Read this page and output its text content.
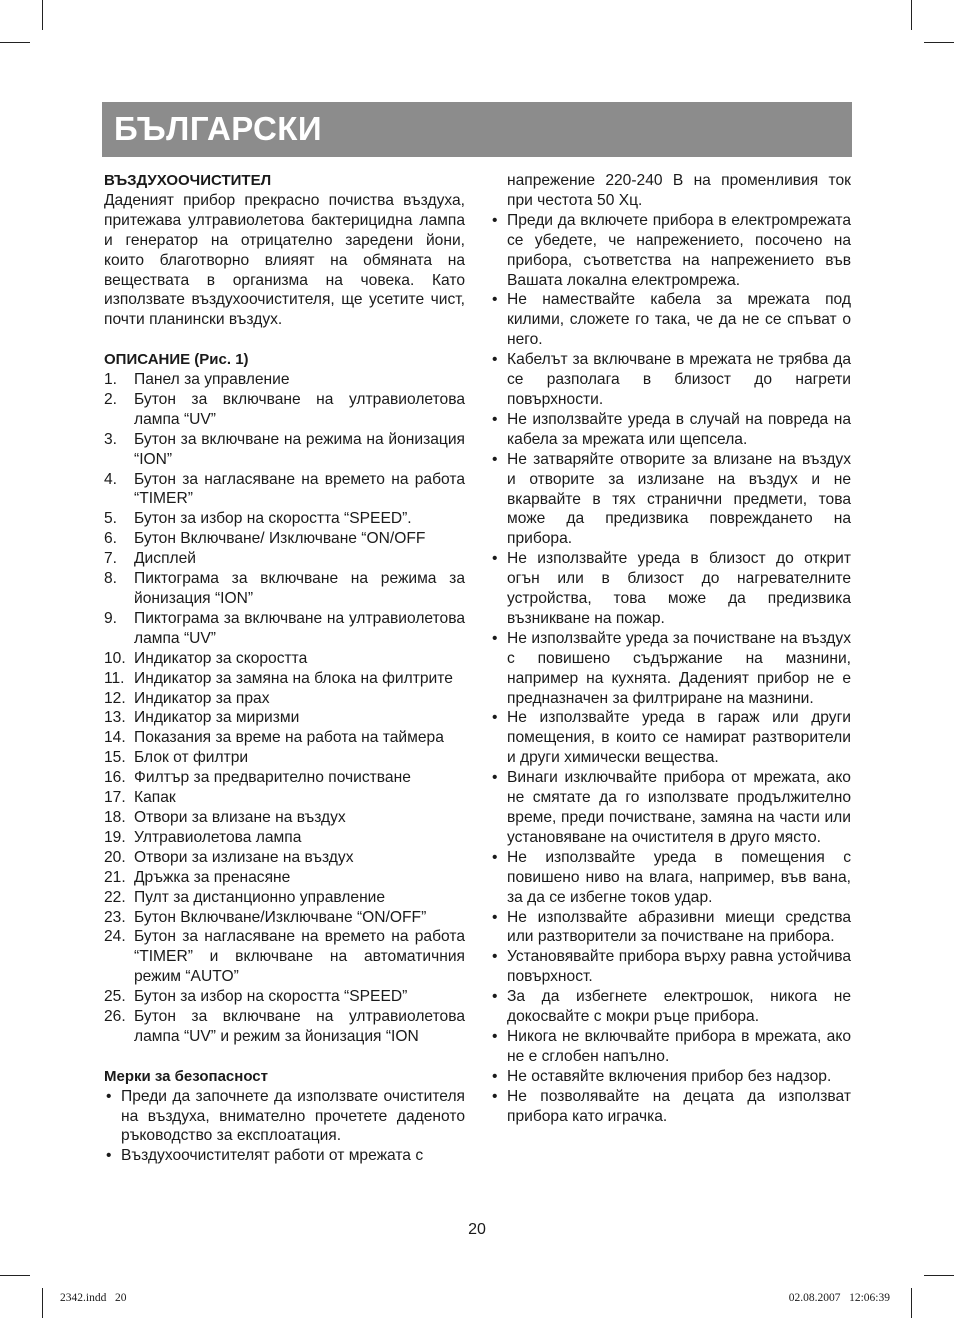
БЪЛГАРСКИ
ВЪЗДУХООЧИСТИТЕЛ
Даденият прибор прекрасно почиства въздуха, притежава ултравиолетова бактерицидна лампа и генератор на отрицателно заредени йони, които благотворно влияят на обмяната на веществата в организма на човека. Като използвате въздухоочистителя, ще усетите чист, почти планински въздух.
ОПИСАНИЕ (Рис. 1)
1. Панел за управление
2. Бутон за включване на ултравиолетова лампа “UV”
3. Бутон за включване на режима на йонизация “ION”
4. Бутон за нагласяване на времето на работа “TIMER”
5. Бутон за избор на скоростта “SPEED”.
6. Бутон Включване/ Изключване “ON/OFF
7. Дисплей
8. Пиктограма за включване на режима за йонизация “ION”
9. Пиктограма за включване на ултравиолетова лампа “UV”
10. Индикатор за скоростта
11. Индикатор за замяна на блока на филтрите
12. Индикатор за прах
13. Индикатор за миризми
14. Показания за време на работа на таймера
15. Блок от филтри
16. Филтър за предварително почистване
17. Капак
18. Отвори за влизане на въздух
19. Ултравиолетова лампа
20. Отвори за излизане на въздух
21. Дръжка за пренасяне
22. Пулт за дистанционно управление
23. Бутон Включване/Изключване “ON/OFF”
24. Бутон за нагласяване на времето на работа “TIMER” и включване на автоматичния режим “AUTO”
25. Бутон за избор на скоростта “SPEED”
26. Бутон за включване на ултравиолетова лампа “UV” и режим за йонизация “ION
Мерки за безопасност
• Преди да започнете да използвате очистителя на въздуха, внимателно прочетете даденото ръководство за експлоатация.
• Въздухоочистителят работи от мрежата с
напрежение 220-240 В на променливия ток при честота 50 Хц.
• Преди да включете прибора в електромрежата се убедете, че напрежението, посочено на прибора, съответства на напрежението във Вашата локална електромрежа.
• Не намествайте кабела за мрежата под килими, сложете го така, че да не се спъват о него.
• Кабелът за включване в мрежата не трябва да се разполага в близост до нагрети повърхности.
• Не използвайте уреда в случай на повреда на кабела за мрежата или щепсела.
• Не затваряйте отворите за влизане на въздух и отворите за излизане на въздух и не вкарвайте в тях странични предмети, това може да предизвика повреждането на прибора.
• Не използвайте уреда в близост до открит огън или в близост до нагревателните устройства, това може да предизвика възникване на пожар.
• Не използвайте уреда за почистване на въздух с повишено съдържание на мазнини, например на кухнята. Даденият прибор не е предназначен за филтриране на мазнини.
• Не използвайте уреда в гараж или други помещения, в които се намират разтворители и други химически вещества.
• Винаги изключвайте прибора от мрежата, ако не смятате да го използвате продължително време, преди почистване, замяна на части или установяване на очистителя в друго място.
• Не използвайте уреда в помещения с повишено ниво на влага, например, във вана, за да се избегне токов удар.
• Не използвайте абразивни миещи средства или разтворители за почистване на прибора.
• Установявайте прибора върху равна устойчива повърхност.
• За да избегнете електрошок, никога не докосвайте с мокри ръце прибора.
• Никога не включвайте прибора в мрежата, ако не е сглобен напълно.
• Не оставяйте включения прибор без надзор.
• Не позволявайте на децата да използват прибора като играчка.
20
2342.indd   20	02.08.2007   12:06:39
